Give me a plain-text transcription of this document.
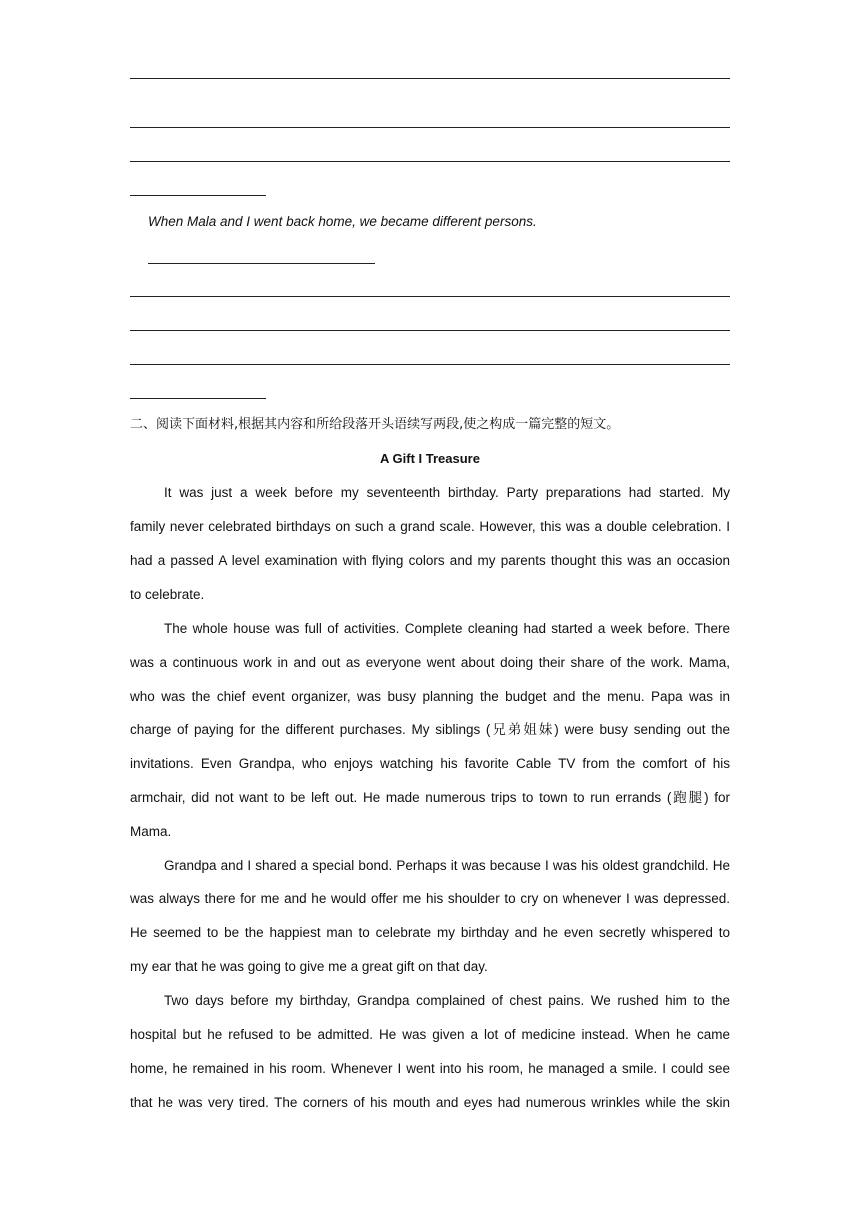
When Mala and I went back home, we became different persons.
二、阅读下面材料,根据其内容和所给段落开头语续写两段,使之构成一篇完整的短文。
A Gift I Treasure
It was just a week before my seventeenth birthday. Party preparations had started. My
family never celebrated birthdays on such a grand scale. However, this was a double celebration. I
had a passed A level examination with flying colors and my parents thought this was an occasion
to celebrate.
The whole house was full of activities. Complete cleaning had started a week before. There
was a continuous work in and out as everyone went about doing their share of the work. Mama,
who was the chief event organizer, was busy planning the budget and the menu. Papa was in
charge of paying for the different purchases. My siblings (兄弟姐妹) were busy sending out the
invitations. Even Grandpa, who enjoys watching his favorite Cable TV from the comfort of his
armchair, did not want to be left out. He made numerous trips to town to run errands (跑腿) for
Mama.
Grandpa and I shared a special bond. Perhaps it was because I was his oldest grandchild. He
was always there for me and he would offer me his shoulder to cry on whenever I was depressed.
He seemed to be the happiest man to celebrate my birthday and he even secretly whispered to
my ear that he was going to give me a great gift on that day.
Two days before my birthday, Grandpa complained of chest pains. We rushed him to the
hospital but he refused to be admitted. He was given a lot of medicine instead. When he came
home, he remained in his room. Whenever I went into his room, he managed a smile. I could see
that he was very tired. The corners of his mouth and eyes had numerous wrinkles while the skin
